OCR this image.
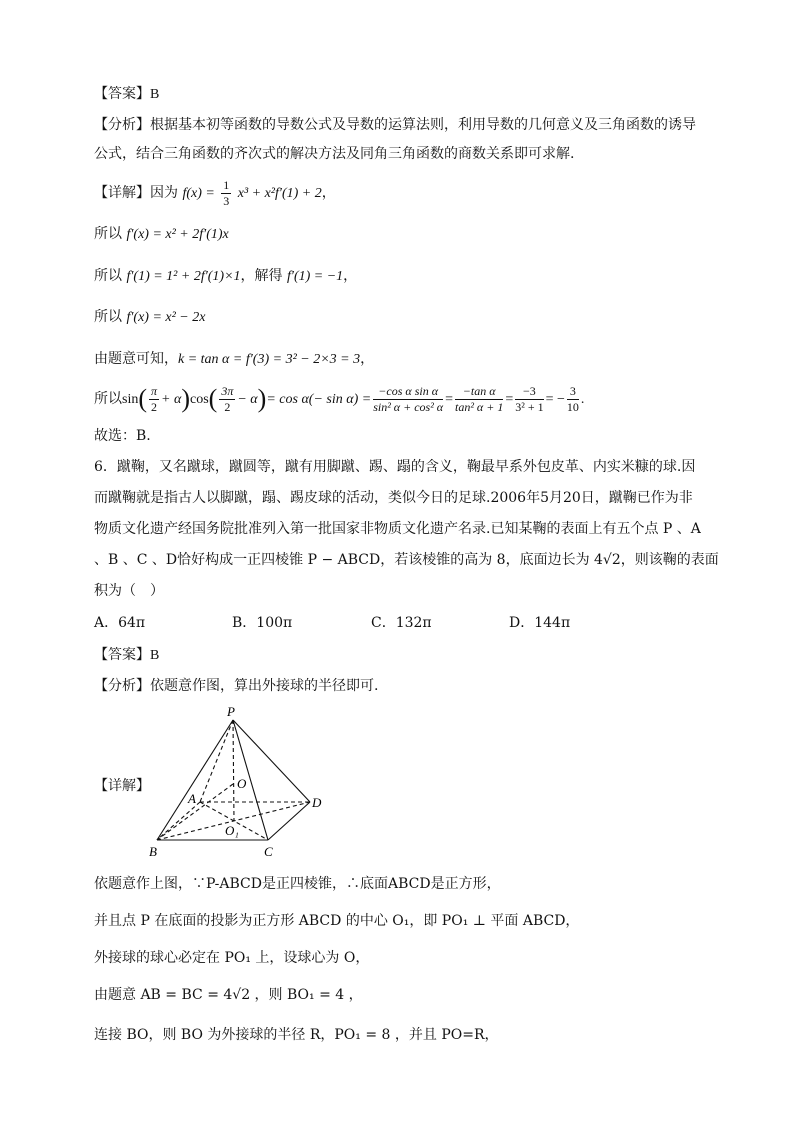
【答案】B
【分析】根据基本初等函数的导数公式及导数的运算法则，利用导数的几何意义及三角函数的诱导
公式，结合三角函数的齐次式的解决方法及同角三角函数的商数关系即可求解.
【详解】因为 $f(x) = \frac{1}{3} x^3 + x^2f'(1) + 2$，
所以 f′(x) = x² + 2f′(1)x
所以 f′(1) = 1² + 2f′(1)×1，解得 f′(1) = −1，
所以 f′(x) = x² − 2x
由题意可知，k = tan α = f′(3) = 3² − 2×3 = 3，
所以$\sin( \frac{\pi}{2} + \alpha)\cos( \frac{3\pi}{2} - \alpha)= \cos \alpha(- \sin \alpha) = \frac{\text{−cos α sin α}}{\text{sin² α + cos² α}} = \frac{\text{−tan α}}{\text{tan² α + 1}} = \frac{-3}{\text{3² + 1}}$ = − $\frac{3}{10}$ .
故选：B.
6．蹴鞠，又名蹴球，蹴圆等，蹴有用脚蹴、踢、蹋的含义，鞠最早系外包皮革、内实米糠的球.因
而蹴鞠就是指古人以脚蹴，蹋、踢皮球的活动，类似今日的足球.2006年5月20日，蹴鞠已作为非
物质文化遗产经国务院批准列入第一批国家非物质文化遗产名录.已知某鞠的表面上有五个点 P 、A
、B 、C 、D恰好构成一正四棱锥 P − ABCD，若该棱锥的高为 8，底面边长为 4√2，则该鞠的表面
积为（　）
A．64π	B．100π	C．132π	D．144π
【答案】B
【分析】依题意作图，算出外接球的半径即可.
【详解】
P
A
B	C
D
O
O₁
依题意作上图，∵P-ABCD是正四棱锥，∴底面ABCD是正方形，
并且点 P 在底面的投影为正方形 ABCD 的中心 O₁，即 PO₁ ⊥ 平面 ABCD，
外接球的球心必定在 PO₁ 上，设球心为 O，
由题意 AB = BC = 4√2 ，则 BO₁ = 4 ，
连接 BO，则 BO 为外接球的半径 R，PO₁ = 8 ，并且 PO=R，
